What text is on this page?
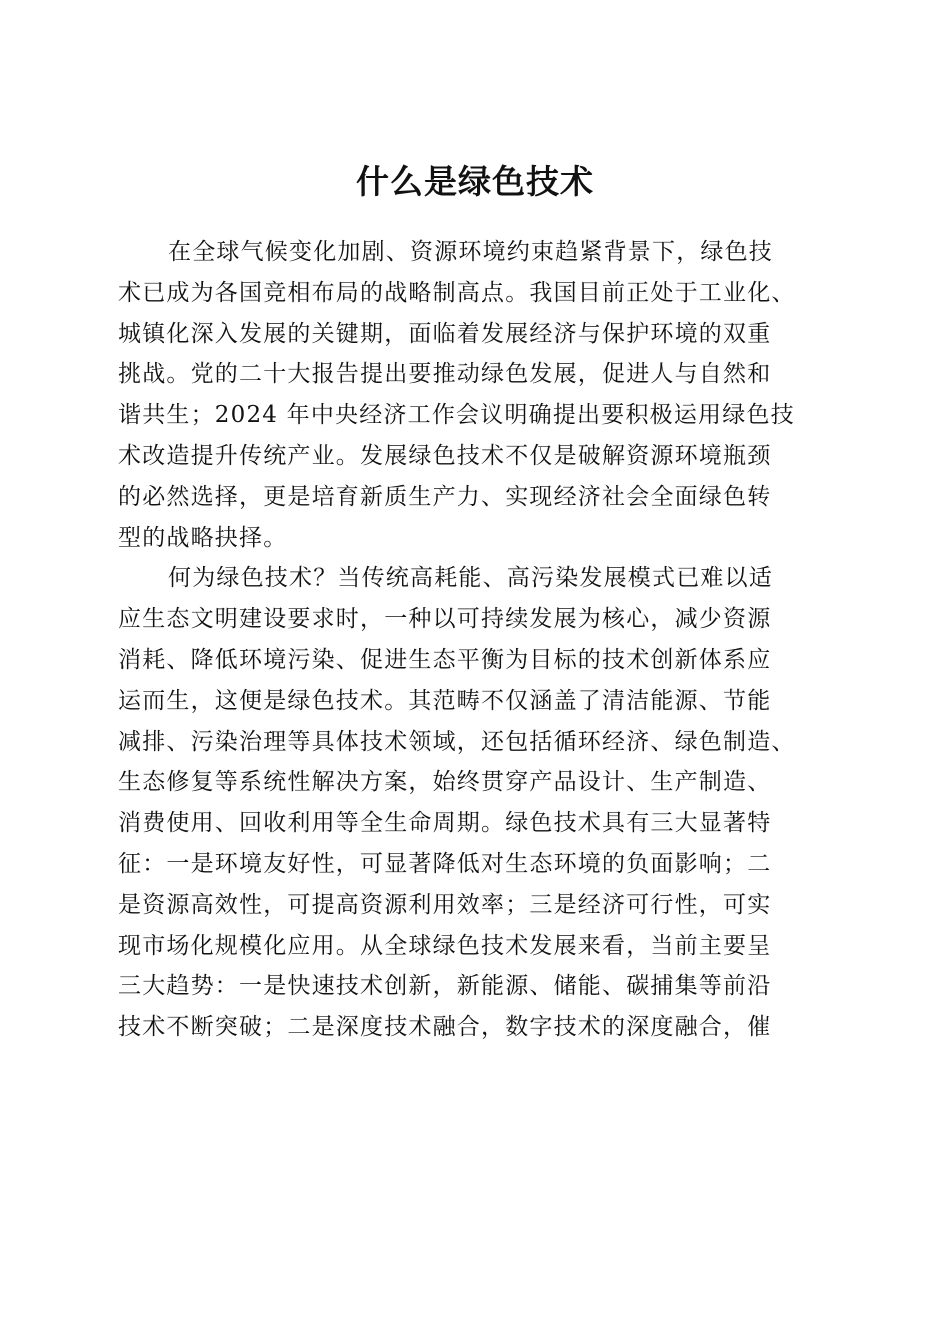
什么是绿色技术

在全球气候变化加剧、资源环境约束趋紧背景下，绿色技
术已成为各国竞相布局的战略制高点。我国目前正处于工业化、
城镇化深入发展的关键期，面临着发展经济与保护环境的双重
挑战。党的二十大报告提出要推动绿色发展，促进人与自然和
谐共生；2024 年中央经济工作会议明确提出要积极运用绿色技
术改造提升传统产业。发展绿色技术不仅是破解资源环境瓶颈
的必然选择，更是培育新质生产力、实现经济社会全面绿色转
型的战略抉择。

何为绿色技术？当传统高耗能、高污染发展模式已难以适
应生态文明建设要求时，一种以可持续发展为核心，减少资源
消耗、降低环境污染、促进生态平衡为目标的技术创新体系应
运而生，这便是绿色技术。其范畴不仅涵盖了清洁能源、节能
减排、污染治理等具体技术领域，还包括循环经济、绿色制造、
生态修复等系统性解决方案，始终贯穿产品设计、生产制造、
消费使用、回收利用等全生命周期。绿色技术具有三大显著特
征：一是环境友好性，可显著降低对生态环境的负面影响；二
是资源高效性，可提高资源利用效率；三是经济可行性，可实
现市场化规模化应用。从全球绿色技术发展来看，当前主要呈
三大趋势：一是快速技术创新，新能源、储能、碳捕集等前沿
技术不断突破；二是深度技术融合，数字技术的深度融合，催
